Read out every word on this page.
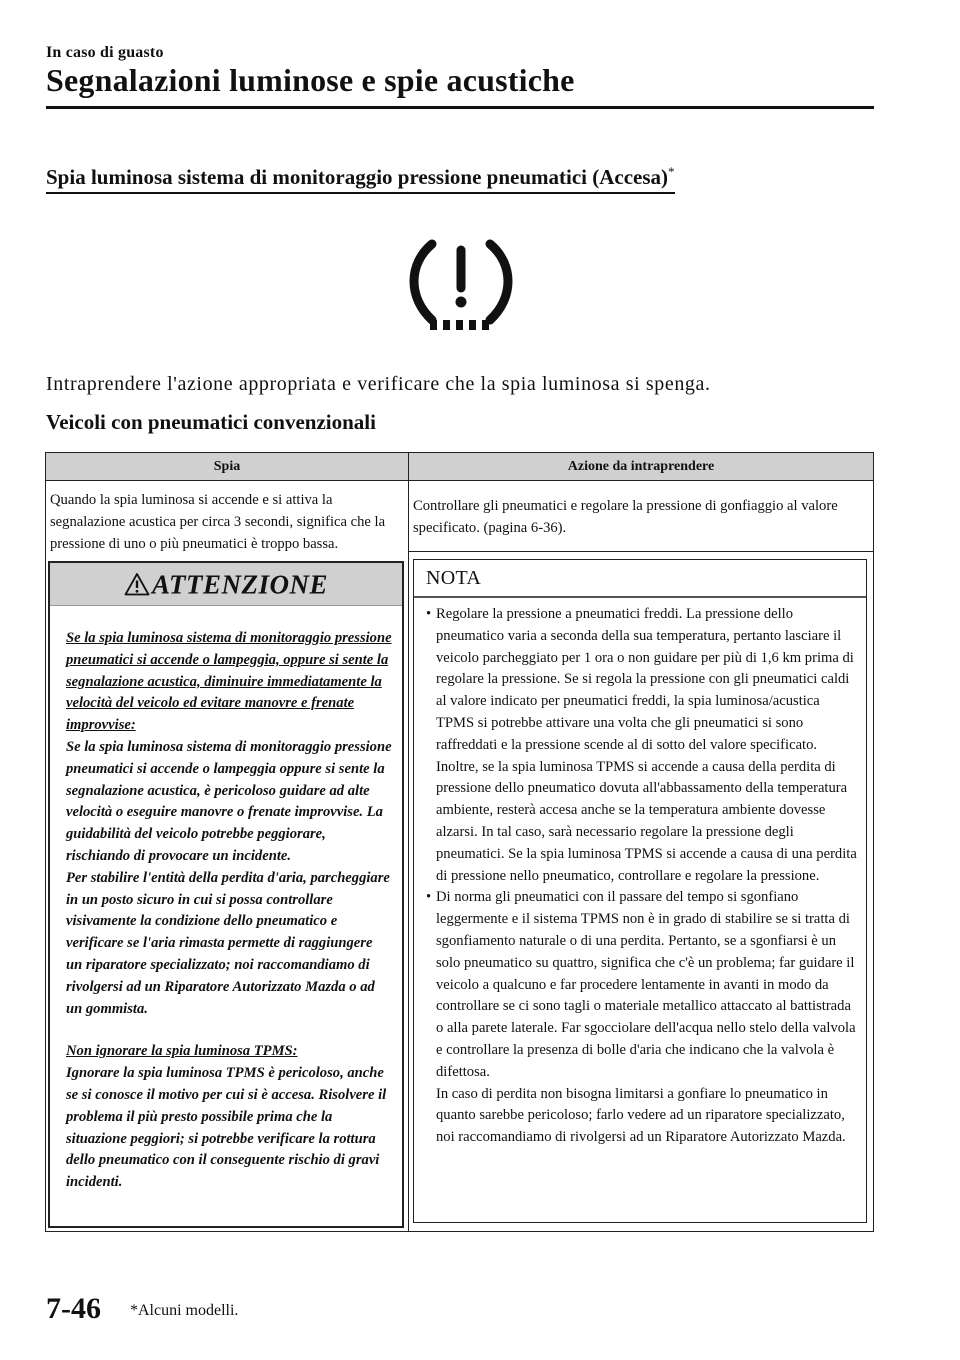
In caso di guasto
Segnalazioni luminose e spie acustiche
Spia luminosa sistema di monitoraggio pressione pneumatici (Accesa)*
Intraprendere l'azione appropriata e verificare che la spia luminosa si spenga.
Veicoli con pneumatici convenzionali
Spia	Azione da intraprendere
Quando la spia luminosa si accende e si attiva la segnalazione acustica per circa 3 secondi, significa che la pressione di uno o più pneumatici è troppo bassa.
Controllare gli pneumatici e regolare la pressione di gonfiaggio al valore specificato. (pagina 6-36).
ATTENZIONE

Se la spia luminosa sistema di monitoraggio pressione pneumatici si accende o lampeggia, oppure si sente la segnalazione acustica, diminuire immediatamente la velocità del veicolo ed evitare manovre e frenate improvvise:

Se la spia luminosa sistema di monitoraggio pressione pneumatici si accende o lampeggia oppure si sente la segnalazione acustica, è pericoloso guidare ad alte velocità o eseguire manovre o frenate improvvise. La guidabilità del veicolo potrebbe peggiorare, rischiando di provocare un incidente.

Per stabilire l'entità della perdita d'aria, parcheggiare in un posto sicuro in cui si possa controllare visivamente la condizione dello pneumatico e verificare se l'aria rimasta permette di raggiungere un riparatore specializzato; noi raccomandiamo di rivolgersi ad un Riparatore Autorizzato Mazda o ad un gommista.

Non ignorare la spia luminosa TPMS:

Ignorare la spia luminosa TPMS è pericoloso, anche se si conosce il motivo per cui si è accesa. Risolvere il problema il più presto possibile prima che la situazione peggiori; si potrebbe verificare la rottura dello pneumatico con il conseguente rischio di gravi incidenti.

NOTA
• Regolare la pressione a pneumatici freddi. La pressione dello pneumatico varia a seconda della sua temperatura, pertanto lasciare il veicolo parcheggiato per 1 ora o non guidare per più di 1,6 km prima di regolare la pressione. Se si regola la pressione con gli pneumatici caldi al valore indicato per pneumatici freddi, la spia luminosa/acustica TPMS si potrebbe attivare una volta che gli pneumatici si sono raffreddati e la pressione scende al di sotto del valore specificato.

Inoltre, se la spia luminosa TPMS si accende a causa della perdita di pressione dello pneumatico dovuta all'abbassamento della temperatura ambiente, resterà accesa anche se la temperatura ambiente dovesse alzarsi. In tal caso, sarà necessario regolare la pressione degli pneumatici. Se la spia luminosa TPMS si accende a causa di una perdita di pressione nello pneumatico, controllare e regolare la pressione.

• Di norma gli pneumatici con il passare del tempo si sgonfiano leggermente e il sistema TPMS non è in grado di stabilire se si tratta di sgonfiamento naturale o di una perdita. Pertanto, se a sgonfiarsi è un solo pneumatico su quattro, significa che c'è un problema; far guidare il veicolo a qualcuno e far procedere lentamente in avanti in modo da controllare se ci sono tagli o materiale metallico attaccato al battistrada o alla parete laterale. Far sgocciolare dell'acqua nello stelo della valvola e controllare la presenza di bolle d'aria che indicano che la valvola è difettosa.

In caso di perdita non bisogna limitarsi a gonfiare lo pneumatico in quanto sarebbe pericoloso; farlo vedere ad un riparatore specializzato, noi raccomandiamo di rivolgersi ad un Riparatore Autorizzato Mazda.

7-46 *Alcuni modelli.
